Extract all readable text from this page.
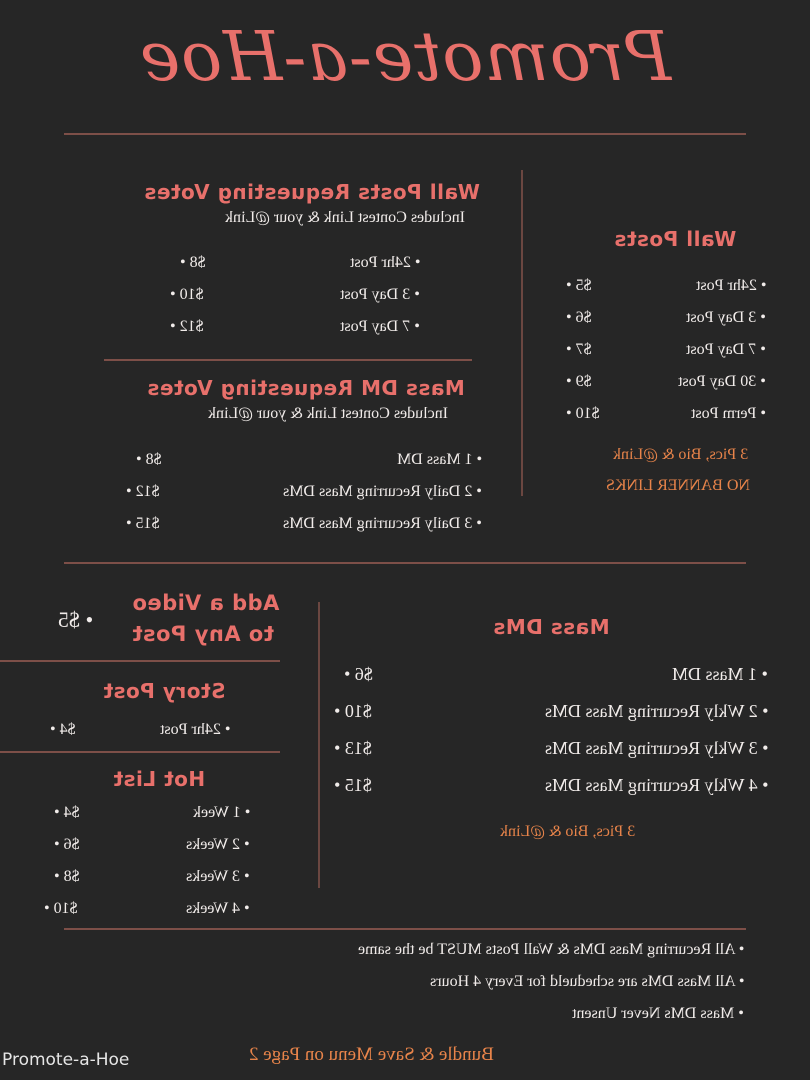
Promote-a-Hoe
Wall Posts Requesting Votes
Includes Contest Link & your @Link
• 24hr Post
$8 •
• 3 Day Post
$10 •
• 7 Day Post
$12 •
Mass DM Requesting Votes
Includes Contest Link & your @Link
• 1 Mass DM
$8 •
• 2 Daily Recurring Mass DMs
$12 •
• 3 Daily Recurring Mass DMs
$15 •
Wall Posts
• 24hr Post
$5 •
• 3 Day Post
$6 •
• 7 Day Post
$7 •
• 30 Day Post
$9 •
• Perm Post
$10 •
3 Pics, Bio & @Link
NO BANNER LINKS
Add a Video
to Any Post
• $5
Story Post
• 24hr Post
$4 •
Hot List
• 1 Week
$4 •
• 2 Weeks
$6 •
• 3 Weeks
$8 •
• 4 Weeks
$10 •
Mass DMs
• 1 Mass DM
$6 •
• 2 Wkly Recurring Mass DMs
$10 •
• 3 Wkly Recurring Mass DMs
$13 •
• 4 Wkly Recurring Mass DMs
$15 •
3 Pics, Bio & @Link
• All Recurring Mass DMs & Wall Posts MUST be the same
• All Mass DMs are schedueld for Every 4 Hours
• Mass DMs Never Unsent
Bundle & Save Menu on Page 2
Promote-a-Hoe
